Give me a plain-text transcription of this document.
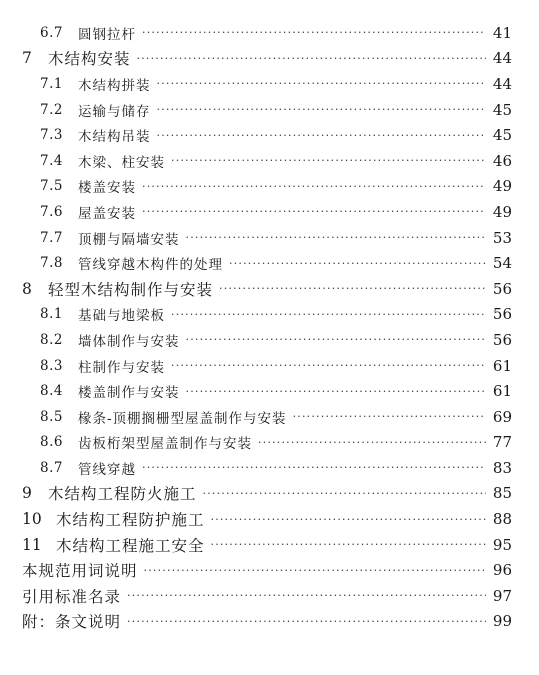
6.7	圆钢拉杆 ·····	41
7	木结构安装 ·····	44
7.1	木结构拼装 ·····	44
7.2	运输与储存 ·····	45
7.3	木结构吊装 ·····	45
7.4	木梁、柱安装 ·····	46
7.5	楼盖安装 ·····	49
7.6	屋盖安装 ·····	49
7.7	顶棚与隔墙安装 ·····	53
7.8	管线穿越木构件的处理 ·····	54
8	轻型木结构制作与安装 ·····	56
8.1	基础与地梁板 ·····	56
8.2	墙体制作与安装 ·····	56
8.3	柱制作与安装 ·····	61
8.4	楼盖制作与安装 ·····	61
8.5	椽条-顶棚搁栅型屋盖制作与安装 ·····	69
8.6	齿板桁架型屋盖制作与安装 ·····	77
8.7	管线穿越 ·····	83
9	木结构工程防火施工 ·····	85
10 木结构工程防护施工 ·····	88
11 木结构工程施工安全 ·····	95
本规范用词说明 ·····	96
引用标准名录 ·····	97
附：条文说明 ·····	99
